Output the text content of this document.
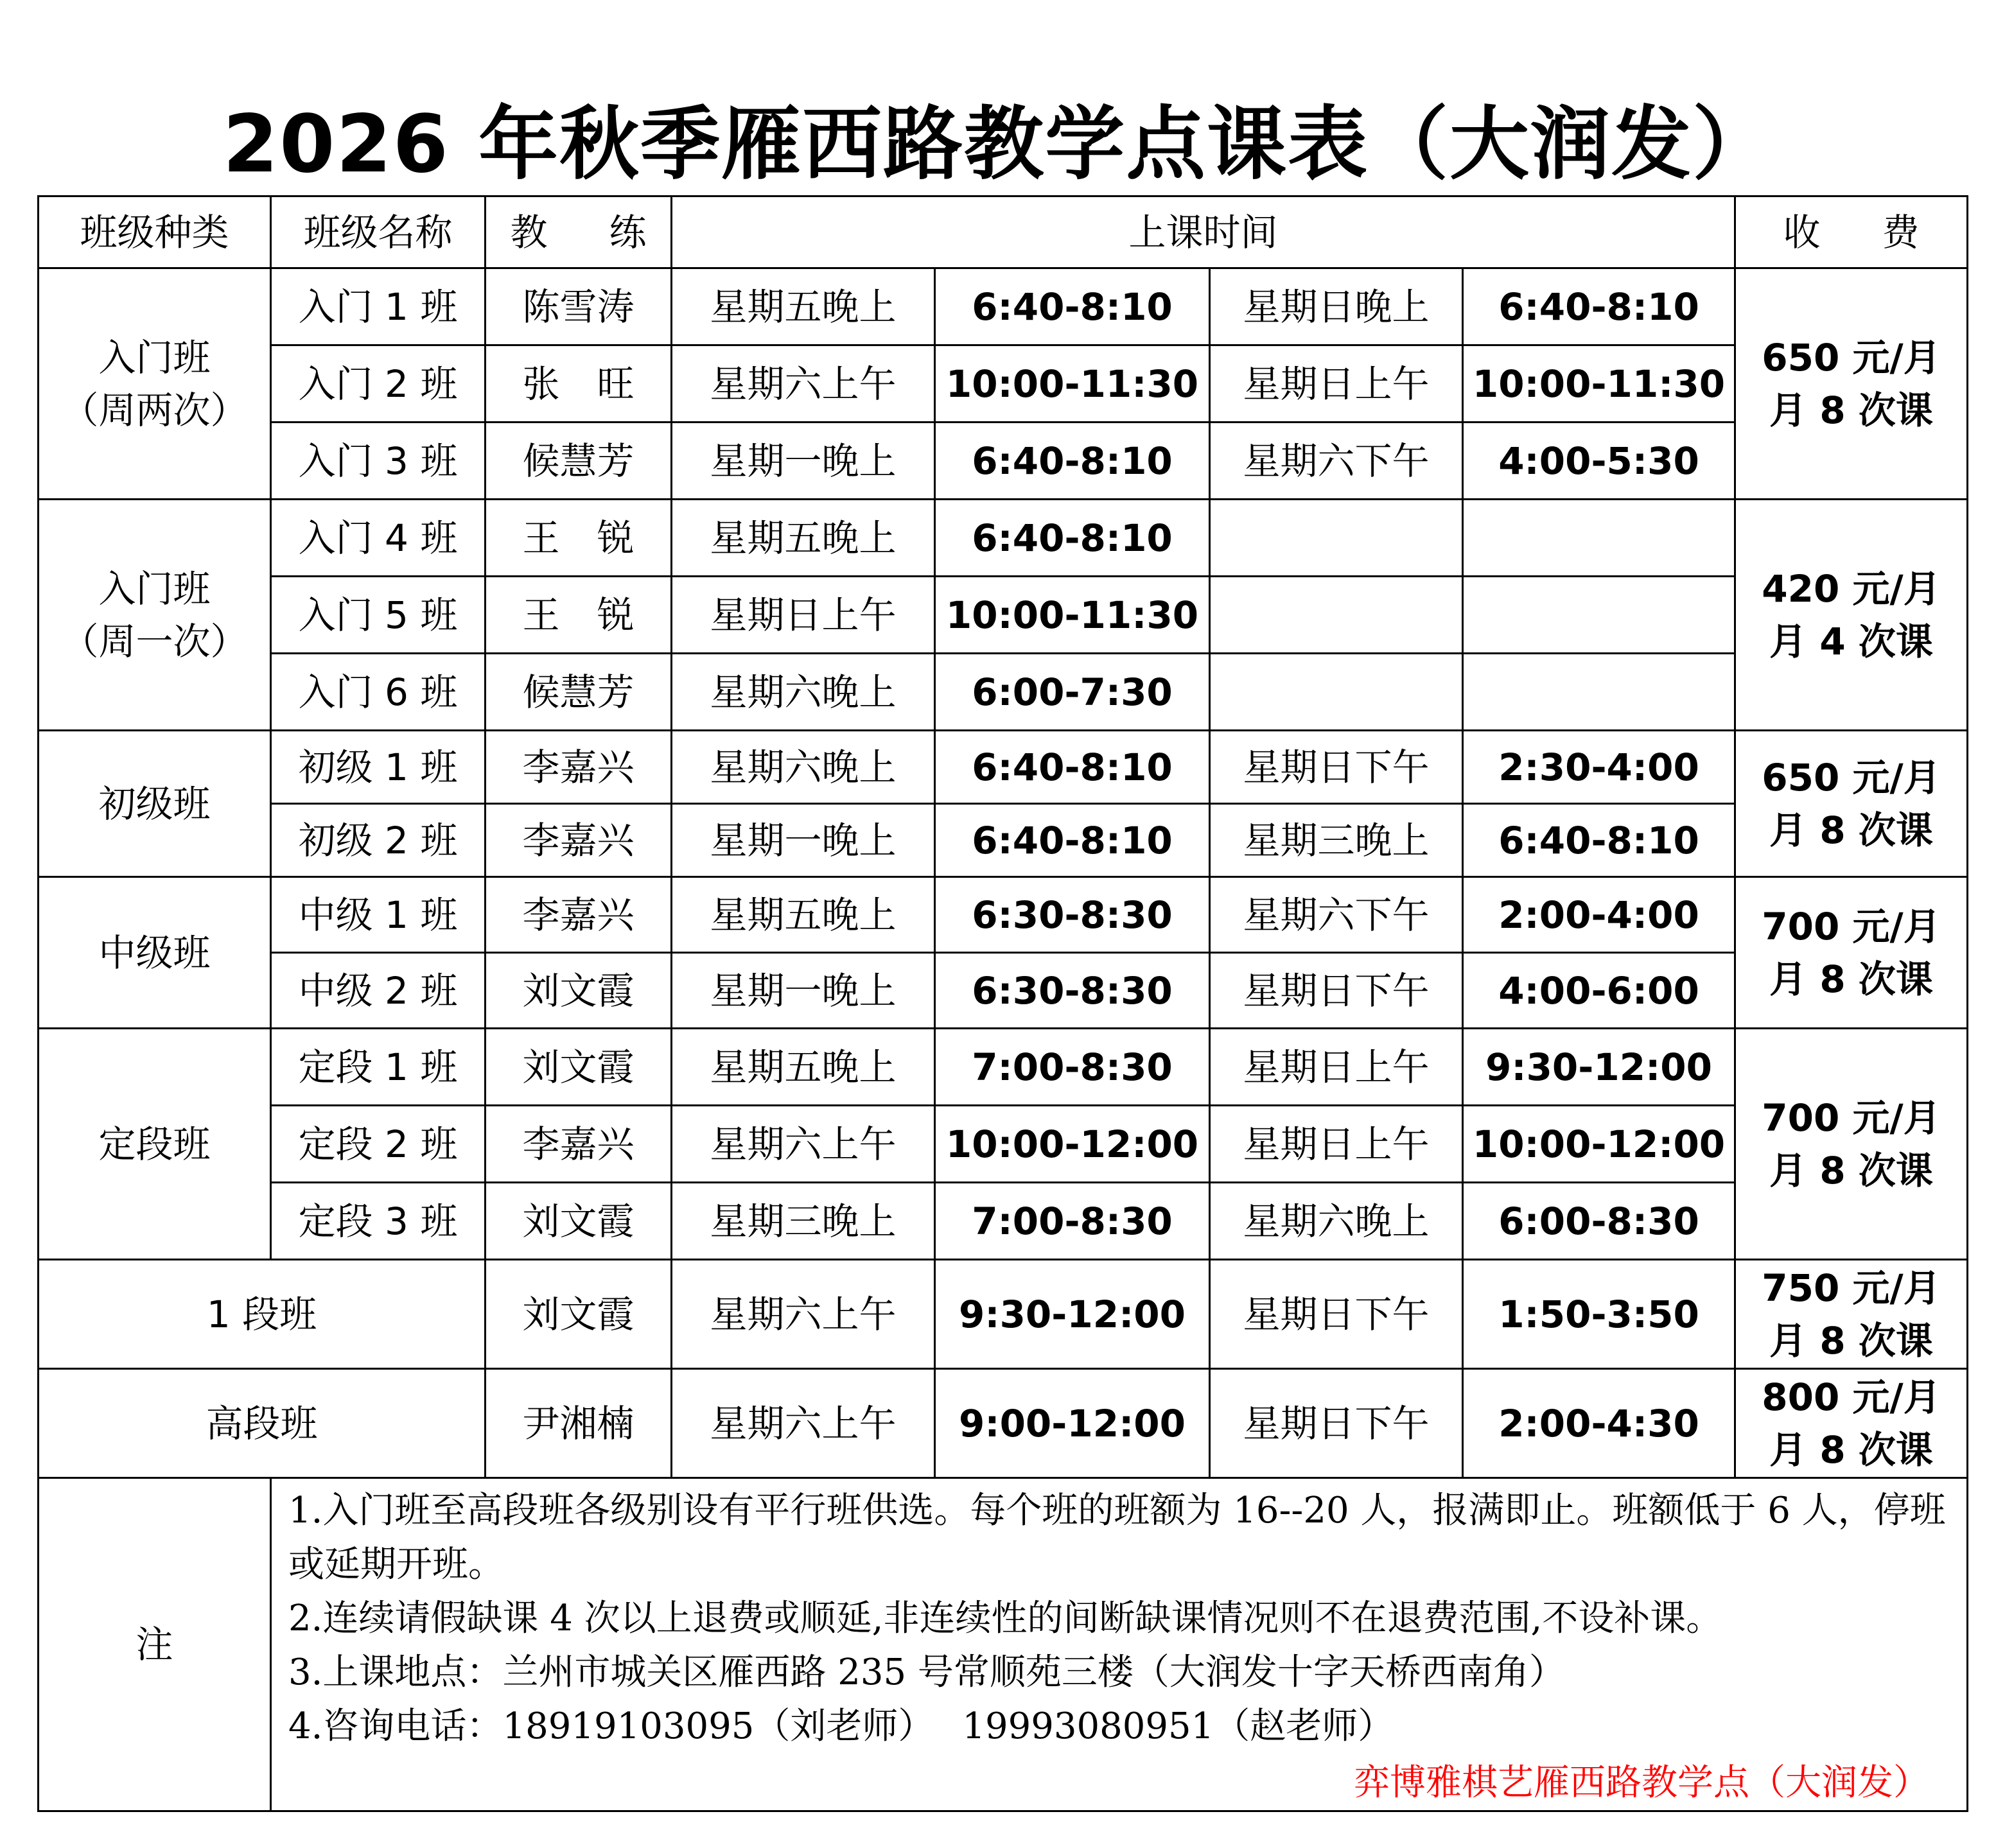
2026 年秋季雁西路教学点课表（大润发）
班级种类	班级名称	教 练	上课时间				收 费
入门班
（周两次）	入门 1 班	陈雪涛	星期五晚上	6:40-8:10	星期日晚上	6:40-8:10	650 元/月
月 8 次课
	入门 2 班	张　旺	星期六上午	10:00-11:30	星期日上午	10:00-11:30	
	入门 3 班	候慧芳	星期一晚上	6:40-8:10	星期六下午	4:00-5:30	
入门班
（周一次）	入门 4 班	王　锐	星期五晚上	6:40-8:10			420 元/月
月 4 次课
	入门 5 班	王　锐	星期日上午	10:00-11:30			
	入门 6 班	候慧芳	星期六晚上	6:00-7:30			
初级班	初级 1 班	李嘉兴	星期六晚上	6:40-8:10	星期日下午	2:30-4:00	650 元/月
月 8 次课
	初级 2 班	李嘉兴	星期一晚上	6:40-8:10	星期三晚上	6:40-8:10	
中级班	中级 1 班	李嘉兴	星期五晚上	6:30-8:30	星期六下午	2:00-4:00	700 元/月
月 8 次课
	中级 2 班	刘文霞	星期一晚上	6:30-8:30	星期日下午	4:00-6:00	
定段班	定段 1 班	刘文霞	星期五晚上	7:00-8:30	星期日上午	9:30-12:00	700 元/月
月 8 次课
	定段 2 班	李嘉兴	星期六上午	10:00-12:00	星期日上午	10:00-12:00	
	定段 3 班	刘文霞	星期三晚上	7:00-8:30	星期六晚上	6:00-8:30	
1 段班		刘文霞	星期六上午	9:30-12:00	星期日下午	1:50-3:50	750 元/月
月 8 次课
高段班		尹湘楠	星期六上午	9:00-12:00	星期日下午	2:00-4:30	800 元/月
月 8 次课
注	1.入门班至高段班各级别设有平行班供选。每个班的班额为 16--20 人，报满即止。班额低于 6 人，停班或延期开班。

2.连续请假缺课 4 次以上退费或顺延,非连续性的间断缺课情况则不在退费范围,不设补课。

3.上课地点：兰州市城关区雁西路 235 号常顺苑三楼（大润发十字天桥西南角）

4.咨询电话：18919103095（刘老师） 19993080951（赵老师）

弈博雅棋艺雁西路教学点（大润发）						
